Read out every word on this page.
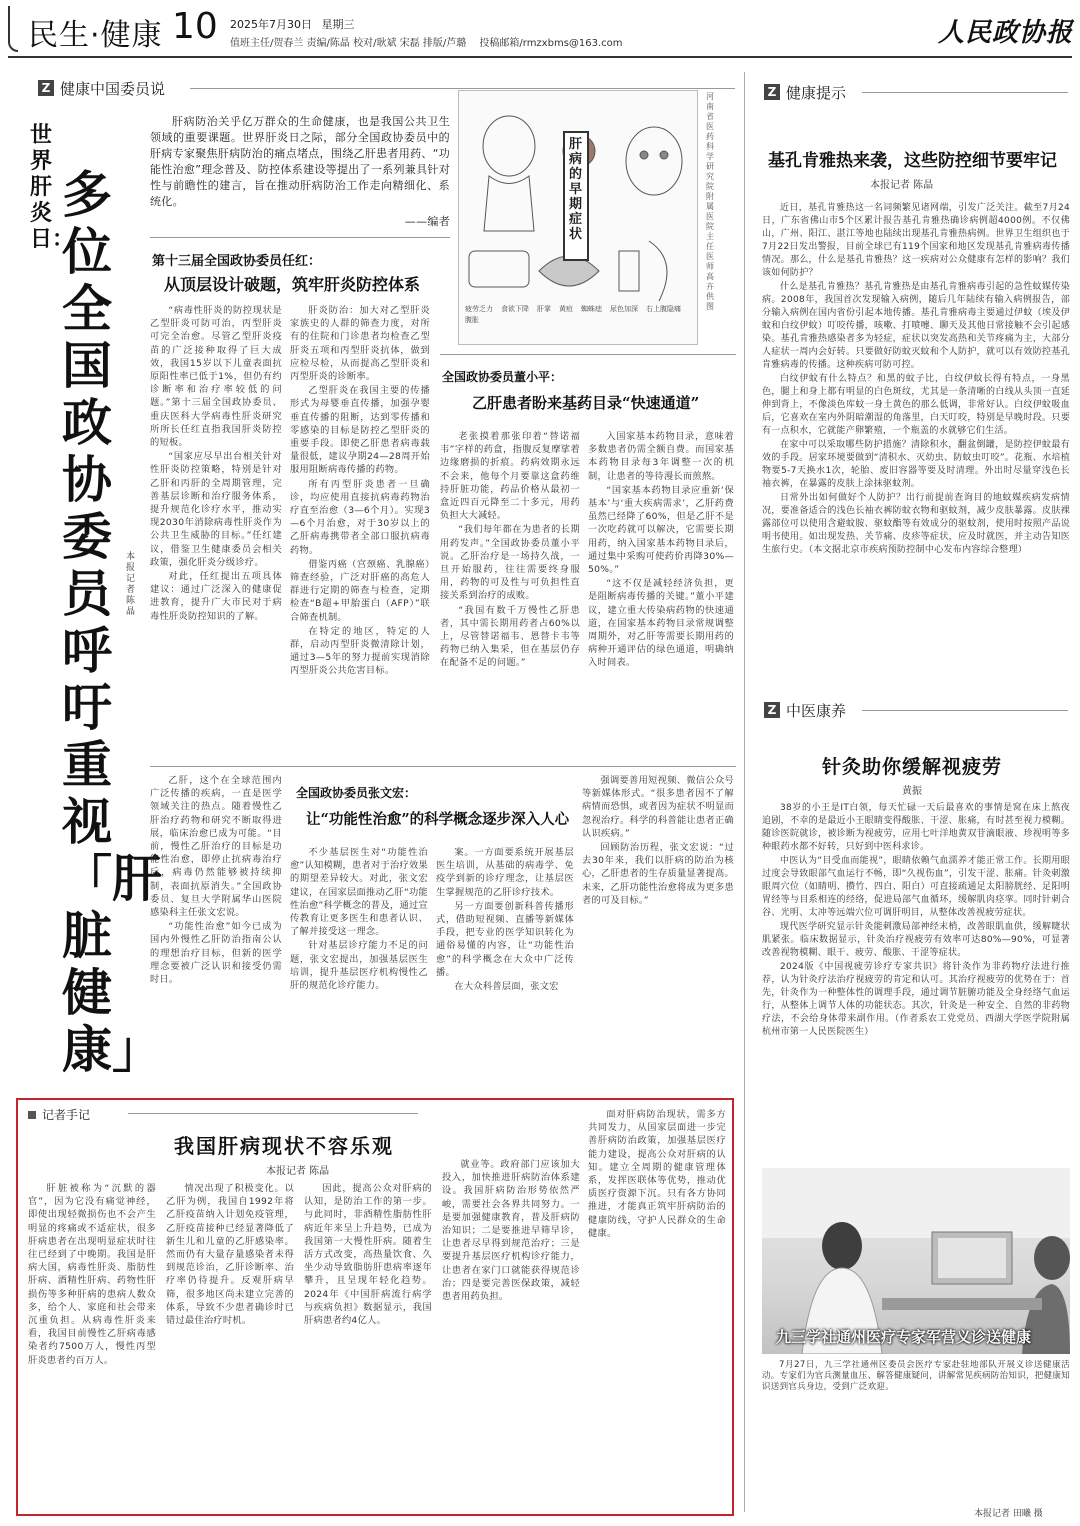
民生·健康 10 2025年7月30日 星期三
值班主任/贺春兰 责编/陈晶 校对/耿斌 宋磊 排版/芦璐 投稿邮箱/rmzxbms@163.com	人民政协报
Z 健康中国委员说
世界肝炎日：
多位全国政协委员呼吁重视「肝脏健康」
本报记者 陈晶

肝病防治关乎亿万群众的生命健康，也是我国公共卫生领域的重要课题。世界肝炎日之际，部分全国政协委员中的肝病专家聚焦肝病防治的痛点堵点，围绕乙肝患者用药、“功能性治愈”理念普及、防控体系建设等提出了一系列兼具针对性与前瞻性的建言，旨在推动肝病防治工作走向精细化、系统化。

——编者
第十三届全国政协委员任红：
从顶层设计破题，筑牢肝炎防控体系

“病毒性肝炎的防控现状是乙型肝炎可防可治，丙型肝炎可完全治愈。尽管乙型肝炎疫苗的广泛接种取得了巨大成效，我国15岁以下儿童表面抗原阳性率已低于1%，但仍有约诊断率和治疗率较低的问题。”第十三届全国政协委员、重庆医科大学病毒性肝炎研究所所长任红直指我国肝炎防控的短板。

“国家应尽早出台相关针对性肝炎防控策略，特别是针对乙肝和丙肝的全周期管理，完善基层诊断和治疗服务体系，提升规范化诊疗水平，推动实现2030年消除病毒性肝炎作为公共卫生威胁的目标。”任红建议，借鉴卫生健康委员会相关政策，强化肝炎分级诊疗。

对此，任红提出五项具体建议：通过广泛深入的健康促进教育，提升广大市民对于病毒性肝炎防控知识的了解。

肝炎防治：加大对乙型肝炎家族史的人群的筛查力度，对所有的住院和门诊患者均检查乙型肝炎五项和丙型肝炎抗体，做到应检尽检，从而提高乙型肝炎和丙型肝炎的诊断率。

乙型肝炎在我国主要的传播形式为母婴垂直传播，加强孕婴垂直传播的阻断，达到零传播和零感染的目标是防控乙型肝炎的重要手段。即使乙肝患者病毒载量很低，建议孕期24—28周开始服用阻断病毒传播的药物。

所有丙型肝炎患者一旦确诊，均应使用直接抗病毒药物治疗直至治愈（3—6个月）。实现3—6个月治愈，对于30岁以上的乙肝病毒携带者全部口服抗病毒药物。

借鉴丙癌（宫颈癌、乳腺癌）筛查经验，广泛对肝癌的高危人群进行定期的筛查与检查，定期检查“B超+甲胎蛋白（AFP）”联合筛查机制。

在特定的地区，特定的人群，启动丙型肝炎微清除计划，通过3—5年的努力提前实现消除丙型肝炎公共危害目标。

肝病的早期症状
疲劳乏力 食欲下降 肝掌 黄疸 蜘蛛痣 尿色加深 右上腹隐痛
腹胀
河南省医药科学研究院附属医院主任医师 高卉 供图
全国政协委员董小平：
乙肝患者盼来基药目录“快速通道”

老张摸着那张印着“替诺福韦”字样的药盒，指腹反复摩挲着边缘磨损的折痕。药病效期永远不会来，他每个月要靠这盒药维持肝脏功能，药品价格从最初一盒近四百元降至二十多元，用药负担大大减轻。

“我们每年都在为患者的长期用药发声。”全国政协委员董小平说。乙肝治疗是一场持久战，一旦开始服药，往往需要终身服用，药物的可及性与可负担性直接关系到治疗的成败。

“我国有数千万慢性乙肝患者，其中需长期用药者占60%以上，尽管替诺福韦、恩替卡韦等药物已纳入集采，但在基层仍存在配备不足的问题。”

入国家基本药物目录，意味着多数患者仍需全额自费。而国家基本药物目录每3年调整一次的机制，让患者的等待漫长而煎熬。

“国家基本药物目录应重新‘保基本’与‘重大疾病需求’，乙肝药费虽然已经降了60%，但是乙肝不是一次吃药就可以解决，它需要长期用药，纳入国家基本药物目录后，通过集中采购可使药价再降30%—50%。”

“这不仅是减轻经济负担，更是阻断病毒传播的关键。”董小平建议，建立重大传染病药物的快速通道，在国家基本药物目录常规调整周期外，对乙肝等需要长期用药的病种开通评估的绿色通道，明确纳入时间表。

乙肝，这个在全球范围内广泛传播的疾病，一直是医学领域关注的热点。随着慢性乙肝治疗药物和研究不断取得进展，临床治愈已成为可能。“目前，慢性乙肝治疗的目标是功能性治愈，即停止抗病毒治疗后，病毒仍然能够被持续抑制，表面抗原消失。”全国政协委员、复旦大学附属华山医院感染科主任张文宏说。

“功能性治愈”如今已成为国内外慢性乙肝防治指南公认的理想治疗目标，但新的医学理念要被广泛认识和接受仍需时日。

全国政协委员张文宏：
让“功能性治愈”的科学概念逐步深入人心

不少基层医生对“功能性治愈”认知模糊，患者对于治疗效果的期望差异较大。对此，张文宏建议，在国家层面推动乙肝“功能性治愈”科学概念的普及，通过宣传教育让更多医生和患者认识、了解并接受这一理念。

针对基层诊疗能力不足的问题，张文宏提出，加强基层医生培训，提升基层医疗机构慢性乙肝的规范化诊疗能力。

案。一方面要系统开展基层医生培训，从基础的病毒学、免疫学到新的诊疗理念，让基层医生掌握规范的乙肝诊疗技术。

另一方面要创新科普传播形式，借助短视频、直播等新媒体手段，把专业的医学知识转化为通俗易懂的内容，让“功能性治愈”的科学概念在大众中广泛传播。

在大众科普层面，张文宏

强调要善用短视频、微信公众号等新媒体形式。“很多患者因不了解病情而恐惧，或者因为症状不明显而忽视治疗。科学的科普能让患者正确认识疾病。”

回顾防治历程，张文宏说：“过去30年来，我们以肝病的防治为核心，乙肝患者的生存质量显著提高。未来，乙肝功能性治愈将成为更多患者的可及目标。”

记者手记
我国肝病现状不容乐观
本报记者 陈晶

肝脏被称为“沉默的器官”，因为它没有痛觉神经，即使出现轻微损伤也不会产生明显的疼痛或不适症状，很多肝病患者在出现明显症状时往往已经到了中晚期。我国是肝病大国，病毒性肝炎、脂肪性肝病、酒精性肝病、药物性肝损伤等多种肝病的患病人数众多，给个人、家庭和社会带来沉重负担。从病毒性肝炎来看，我国目前慢性乙肝病毒感染者约7500万人，慢性丙型肝炎患者约百万人。

情况出现了积极变化。以乙肝为例，我国自1992年将乙肝疫苗纳入计划免疫管理，乙肝疫苗接种已经显著降低了新生儿和儿童的乙肝感染率。然而仍有大量存量感染者未得到规范诊治，乙肝诊断率、治疗率仍待提升。反观肝病早筛，很多地区尚未建立完善的体系，导致不少患者确诊时已错过最佳治疗时机。

因此，提高公众对肝病的认知，是防治工作的第一步。与此同时，非酒精性脂肪性肝病近年来呈上升趋势，已成为我国第一大慢性肝病。随着生活方式改变，高热量饮食、久坐少动导致脂肪肝患病率逐年攀升，且呈现年轻化趋势。2024年《中国肝病流行病学与疾病负担》数据显示，我国肝病患者约4亿人。

就业等。政府部门应该加大投入，加快推进肝病防治体系建设。我国肝病防治形势依然严峻，需要社会各界共同努力。一是要加强健康教育，普及肝病防治知识；二是要推进早筛早诊，让患者尽早得到规范治疗；三是要提升基层医疗机构诊疗能力，让患者在家门口就能获得规范诊治；四是要完善医保政策，减轻患者用药负担。

面对肝病防治现状，需多方共同发力，从国家层面进一步完善肝病防治政策，加强基层医疗能力建设，提高公众对肝病的认知。建立全周期的健康管理体系，发挥医联体等优势，推动优质医疗资源下沉。只有各方协同推进，才能真正筑牢肝病防治的健康防线，守护人民群众的生命健康。

Z 健康提示
基孔肯雅热来袭，这些防控细节要牢记
本报记者 陈晶

近日，基孔肯雅热这一名词频繁见诸网端，引发广泛关注。截至7月24日，广东省佛山市5个区累计报告基孔肯雅热确诊病例超4000例。不仅佛山，广州、阳江、湛江等地也陆续出现基孔肯雅热病例。世界卫生组织也于7月22日发出警报，目前全球已有119个国家和地区发现基孔肯雅病毒传播情况。那么，什么是基孔肯雅热？这一疾病对公众健康有怎样的影响？我们该如何防护？

什么是基孔肯雅热？基孔肯雅热是由基孔肯雅病毒引起的急性蚊媒传染病。2008年，我国首次发现输入病例，随后几年陆续有输入病例报告，部分输入病例在国内省份引起本地传播。基孔肯雅病毒主要通过伊蚊（埃及伊蚊和白纹伊蚊）叮咬传播，咳嗽、打喷嚏、聊天及其他日常接触不会引起感染。基孔肯雅热感染者多为轻症，症状以突发高热和关节疼痛为主，大部分人症状一周内会好转。只要做好防蚊灭蚊和个人防护，就可以有效防控基孔肯雅病毒的传播。这种疾病可防可控。

白纹伊蚊有什么特点？和黑的蚊子比，白纹伊蚊长得有特点，一身黑色，腿上和身上都有明显的白色斑纹，尤其是一条清晰的白线从头顶一直延伸到背上，不像淡色库蚊一身土黄色的那么低调，非常好认。白纹伊蚊吸血后，它喜欢在室内外阴暗潮湿的角落里，白天叮咬，特别是早晚时段。只要有一点积水，它就能产卵繁殖，一个瓶盖的水就够它们生活。

在家中可以采取哪些防护措施？清除积水，翻盆倒罐，是防控伊蚊最有效的手段。居家环境要做到“清积水、灭幼虫、防蚊虫叮咬”。花瓶、水培植物要5-7天换水1次，轮胎、废旧容器等要及时清理。外出时尽量穿浅色长袖衣裤，在暴露的皮肤上涂抹驱蚊剂。

日常外出如何做好个人防护？出行前提前查询目的地蚊媒疾病发病情况，要准备适合的浅色长袖衣裤防蚊衣物和驱蚊剂，减少皮肤暴露。皮肤裸露部位可以使用含避蚊胺、驱蚊酯等有效成分的驱蚊剂，使用时按照产品说明书使用。如出现发热、关节痛、皮疹等症状，应及时就医，并主动告知医生旅行史。（本文据北京市疾病预防控制中心发布内容综合整理）

Z 中医康养
针灸助你缓解视疲劳
黄振

38岁的小王是IT白领，每天忙碌一天后最喜欢的事情是窝在床上熬夜追剧，不幸的是最近小王眼睛变得酸胀、干涩、胀痛，有时甚至视力模糊。随诊医院就诊，被诊断为视疲劳，应用七叶洋地黄双苷滴眼液、珍视明等多种眼药水都不好转，只好到中医科求诊。

中医认为“目受血而能视”，眼睛依赖气血濡养才能正常工作。长期用眼过度会导致眼部气血运行不畅，即“久视伤血”，引发干涩、胀痛。针灸刺激眼周穴位（如睛明、攒竹、四白、阳白）可直接疏通足太阳膀胱经、足阳明胃经等与目系相连的经络，促进局部气血循环，缓解肌肉痉挛。同时针刺合谷、光明、太冲等远端穴位可调肝明目，从整体改善视疲劳症状。

现代医学研究显示针灸能刺激局部神经末梢，改善眼肌血供，缓解睫状肌紧张。临床数据显示，针灸治疗视疲劳有效率可达80%—90%，可显著改善视物模糊、眼干、疲劳、酸胀、干涩等症状。

2024版《中国视疲劳诊疗专家共识》将针灸作为非药物疗法进行推荐，认为针灸疗法治疗视疲劳的肯定和认可。其治疗视疲劳的优势在于：首先，针灸作为一种整体性的调理手段，通过调节脏腑功能及全身经络气血运行，从整体上调节人体的功能状态。其次，针灸是一种安全、自然的非药物疗法，不会给身体带来副作用。（作者系农工党党员、西湖大学医学院附属杭州市第一人民医院医生）

九三学社通州医疗专家军营义诊送健康

7月27日，九三学社通州区委员会医疗专家赴驻地部队开展义诊送健康活动。专家们为官兵测量血压、解答健康疑问，讲解常见疾病防治知识，把健康知识送到官兵身边，受到广泛欢迎。

本报记者 田曦 摄
